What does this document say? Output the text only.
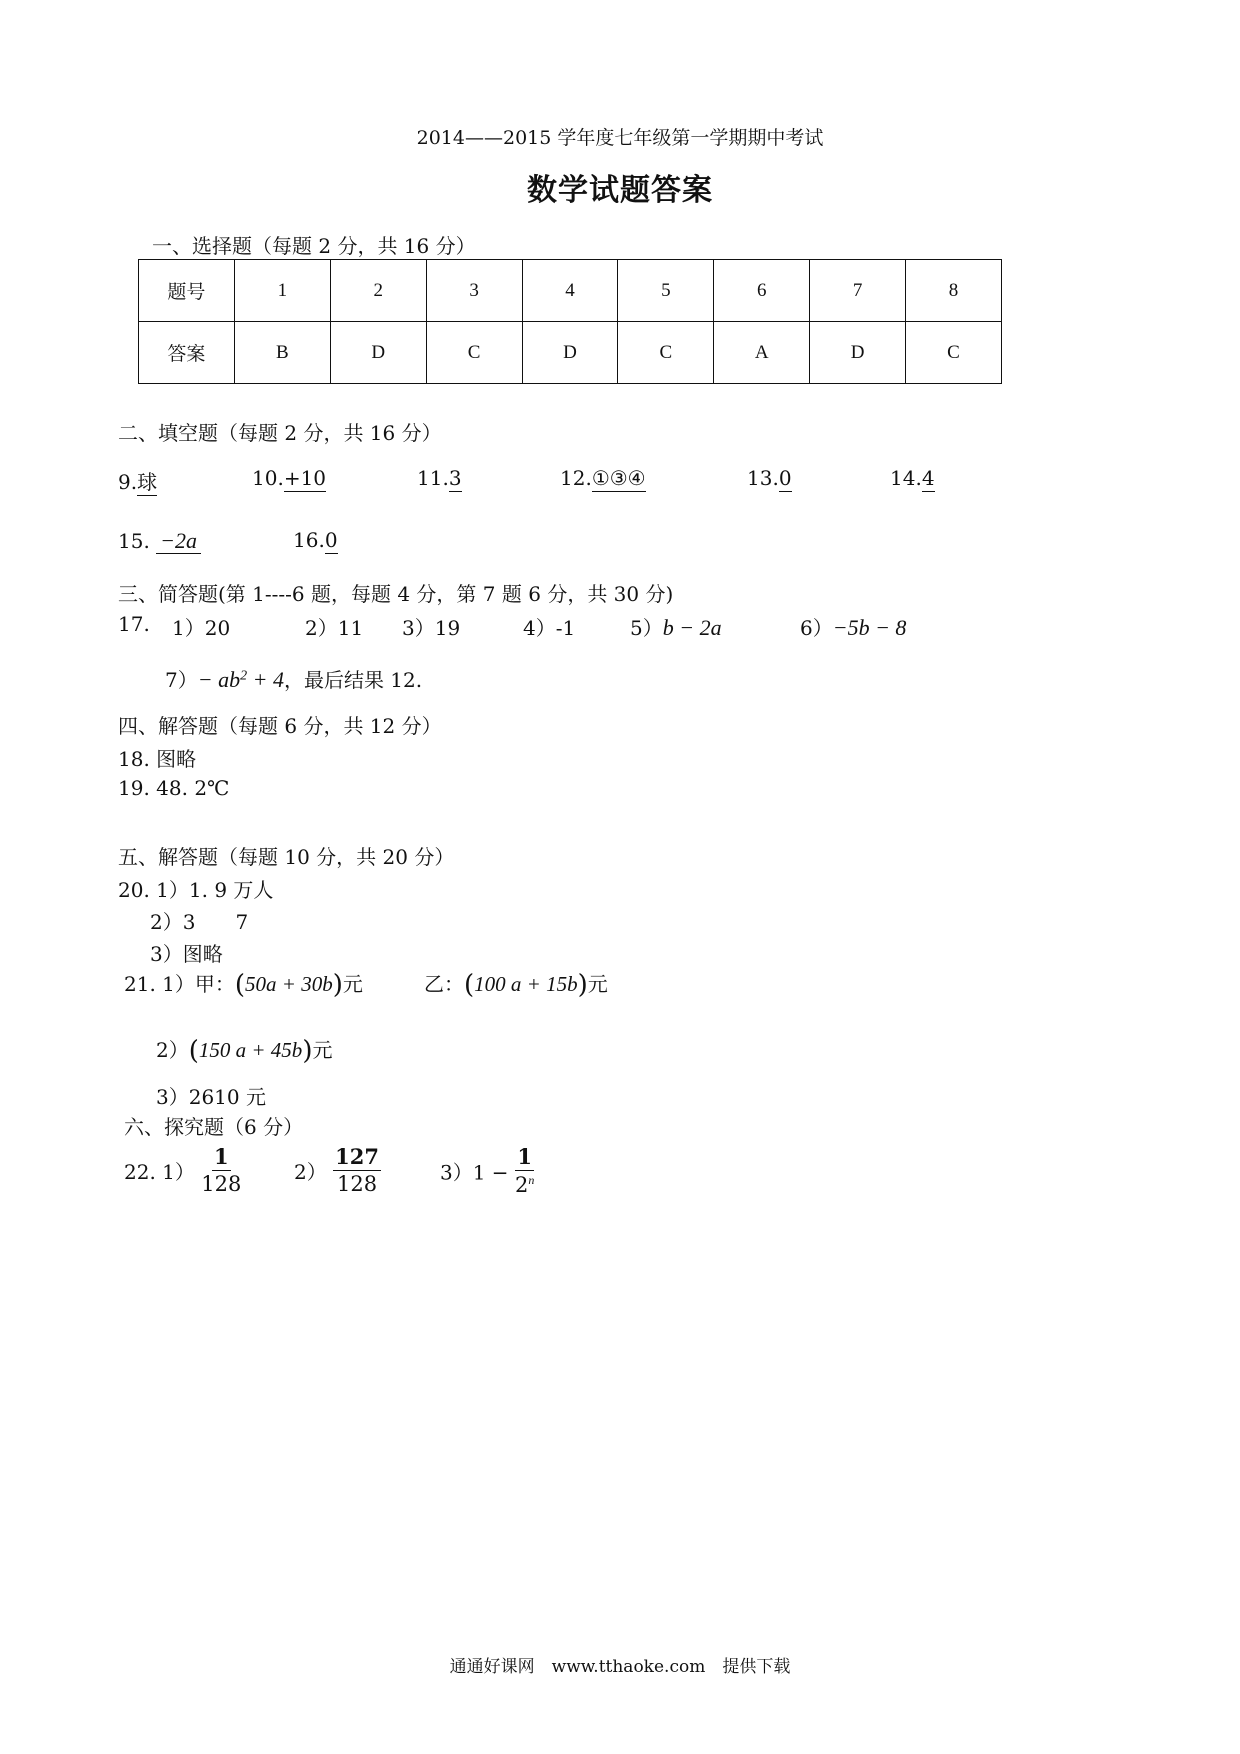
2014——2015 学年度七年级第一学期期中考试
数学试题答案
一、选择题（每题 2 分，共 16 分）
题号	1	2	3	4	5	6	7	8
答案	B	D	C	D	C	A	D	C
二、填空题（每题 2 分，共 16 分）
9.球	10.+10	11.3	12.①③④	13.0	14.4
15. −2a	16.0
三、简答题(第 1----6 题，每题 4 分，第 7 题 6 分，共 30 分)
17. 1）20	2）11 3）19	4）-1	5）b − 2a	6）−5b − 8
$7)- ab^2 + 4$，最后结果 12.
四、解答题（每题 6 分，共 12 分）
18. 图略
19. 48. 2℃
五、解答题（每题 10 分，共 20 分）
20. 1）1. 9 万人
2）3　　7
3）图略
21. 1）甲：(50a + 30b)元	乙：(100 a + 15b)元
2）(150 a + 45b)元
3）2610 元
六、探究题（6 分）
22. $1) \frac{1}{128}$	$2) \frac{127}{128}$	$3)1 - \frac{1}{2^n}$
通通好课网　www.tthaoke.com　提供下载
